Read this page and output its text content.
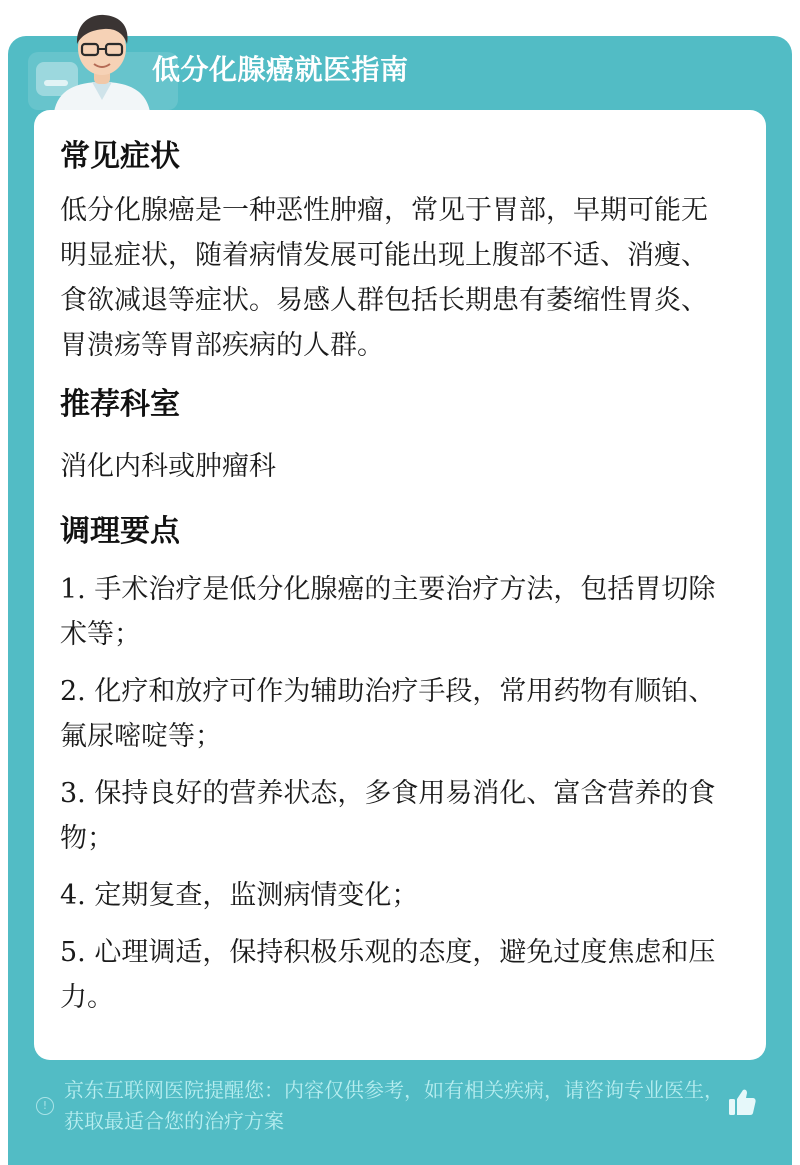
低分化腺癌就医指南
常见症状

低分化腺癌是一种恶性肿瘤，常见于胃部，早期可能无明显症状，随着病情发展可能出现上腹部不适、消瘦、食欲减退等症状。易感人群包括长期患有萎缩性胃炎、胃溃疡等胃部疾病的人群。

推荐科室

消化内科或肿瘤科

调理要点
1. 手术治疗是低分化腺癌的主要治疗方法，包括胃切除术等；
2. 化疗和放疗可作为辅助治疗手段，常用药物有顺铂、氟尿嘧啶等；
3. 保持良好的营养状态，多食用易消化、富含营养的食物；
4. 定期复查，监测病情变化；
5. 心理调适，保持积极乐观的态度，避免过度焦虑和压力。
!
京东互联网医院提醒您：内容仅供参考，如有相关疾病，请咨询专业医生，获取最适合您的治疗方案
